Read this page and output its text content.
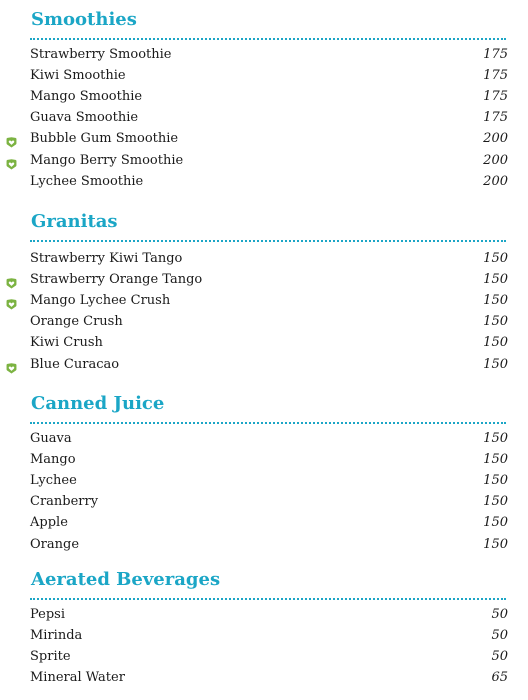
Smoothies
Strawberry Smoothie	175
Kiwi Smoothie	175
Mango Smoothie	175
Guava Smoothie	175
Bubble Gum Smoothie	200
Mango Berry Smoothie	200
Lychee Smoothie	200
Granitas
Strawberry Kiwi Tango	150
Strawberry Orange Tango	150
Mango Lychee Crush	150
Orange Crush	150
Kiwi Crush	150
Blue Curacao	150
Canned Juice
Guava	150
Mango	150
Lychee	150
Cranberry	150
Apple	150
Orange	150
Aerated Beverages
Pepsi	50
Mirinda	50
Sprite	50
Mineral Water	65
